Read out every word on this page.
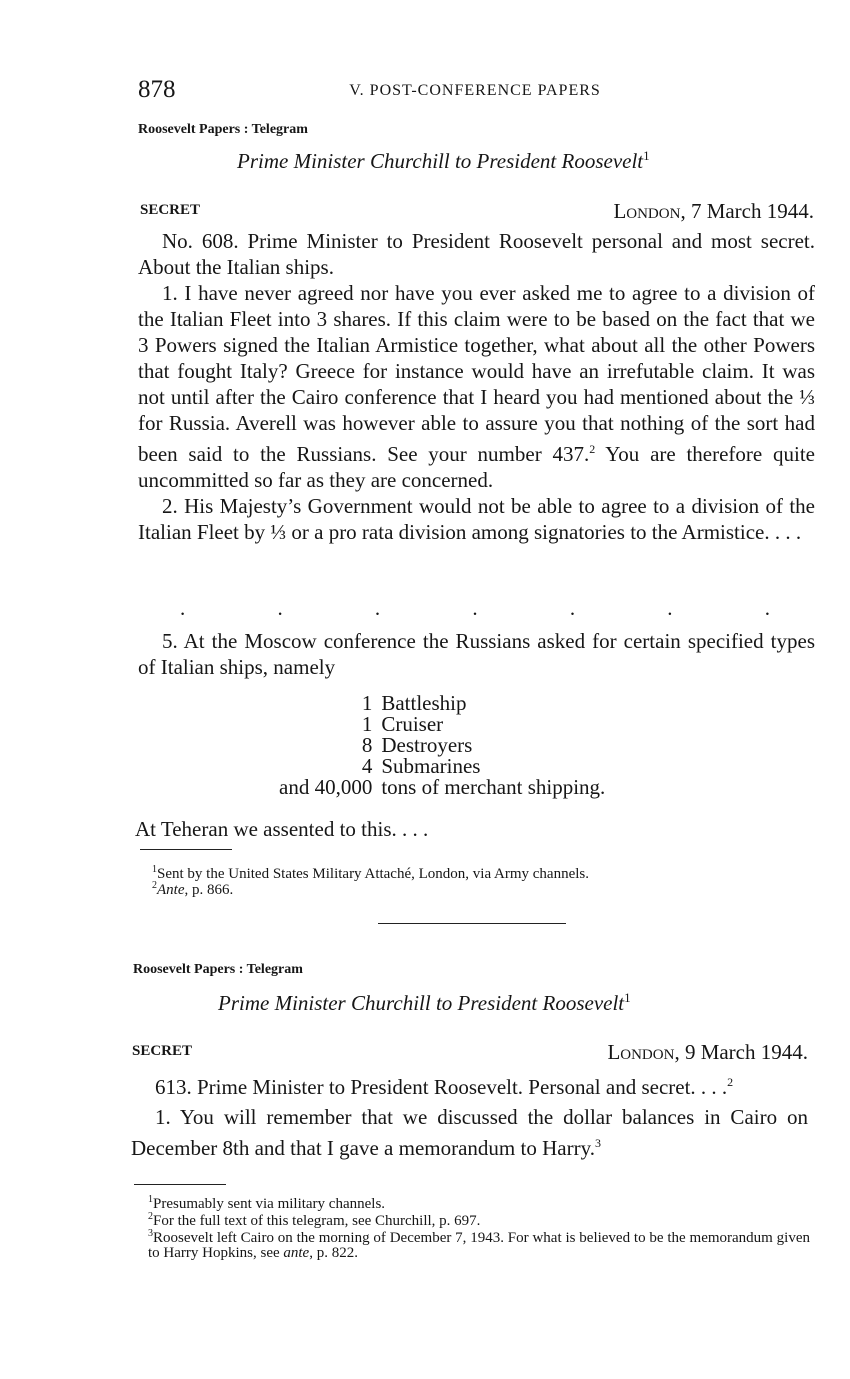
878	V. POST-CONFERENCE PAPERS
Roosevelt Papers : Telegram
Prime Minister Churchill to President Roosevelt$^1$
SECRET	London, 7 March 1944.

No. 608. Prime Minister to President Roosevelt personal and most secret. About the Italian ships.

1. I have never agreed nor have you ever asked me to agree to a division of the Italian Fleet into 3 shares. If this claim were to be based on the fact that we 3 Powers signed the Italian Armistice together, what about all the other Powers that fought Italy? Greece for instance would have an irrefutable claim. It was not until after the Cairo conference that I heard you had mentioned about the ⅓ for Russia. Averell was however able to assure you that nothing of the sort had been said to the Russians. See your number 437.$^2$ You are therefore quite uncommitted so far as they are concerned.

2. His Majesty’s Government would not be able to agree to a division of the Italian Fleet by ⅓ or a pro rata division among signatories to the Armistice. . . .

.	.	.	.	.	.	.

5. At the Moscow conference the Russians asked for certain specified types of Italian ships, namely

1	Battleship
1	Cruiser
8	Destroyers
4	Submarines
and 40,000	tons of merchant shipping.
At Teheran we assented to this. . . .
$^1$Sent by the United States Military Attaché, London, via Army channels.
$^2$Ante, p. 866.
Roosevelt Papers : Telegram
Prime Minister Churchill to President Roosevelt$^1$
SECRET	London, 9 March 1944.

613. Prime Minister to President Roosevelt. Personal and secret. . . .$^2$

1. You will remember that we discussed the dollar balances in Cairo on December 8th and that I gave a memorandum to Harry.$^3$

$^1$Presumably sent via military channels.
$^2$For the full text of this telegram, see Churchill, p. 697.
$^3$Roosevelt left Cairo on the morning of December 7, 1943. For what is believed to be the memorandum given to Harry Hopkins, see ante, p. 822.
